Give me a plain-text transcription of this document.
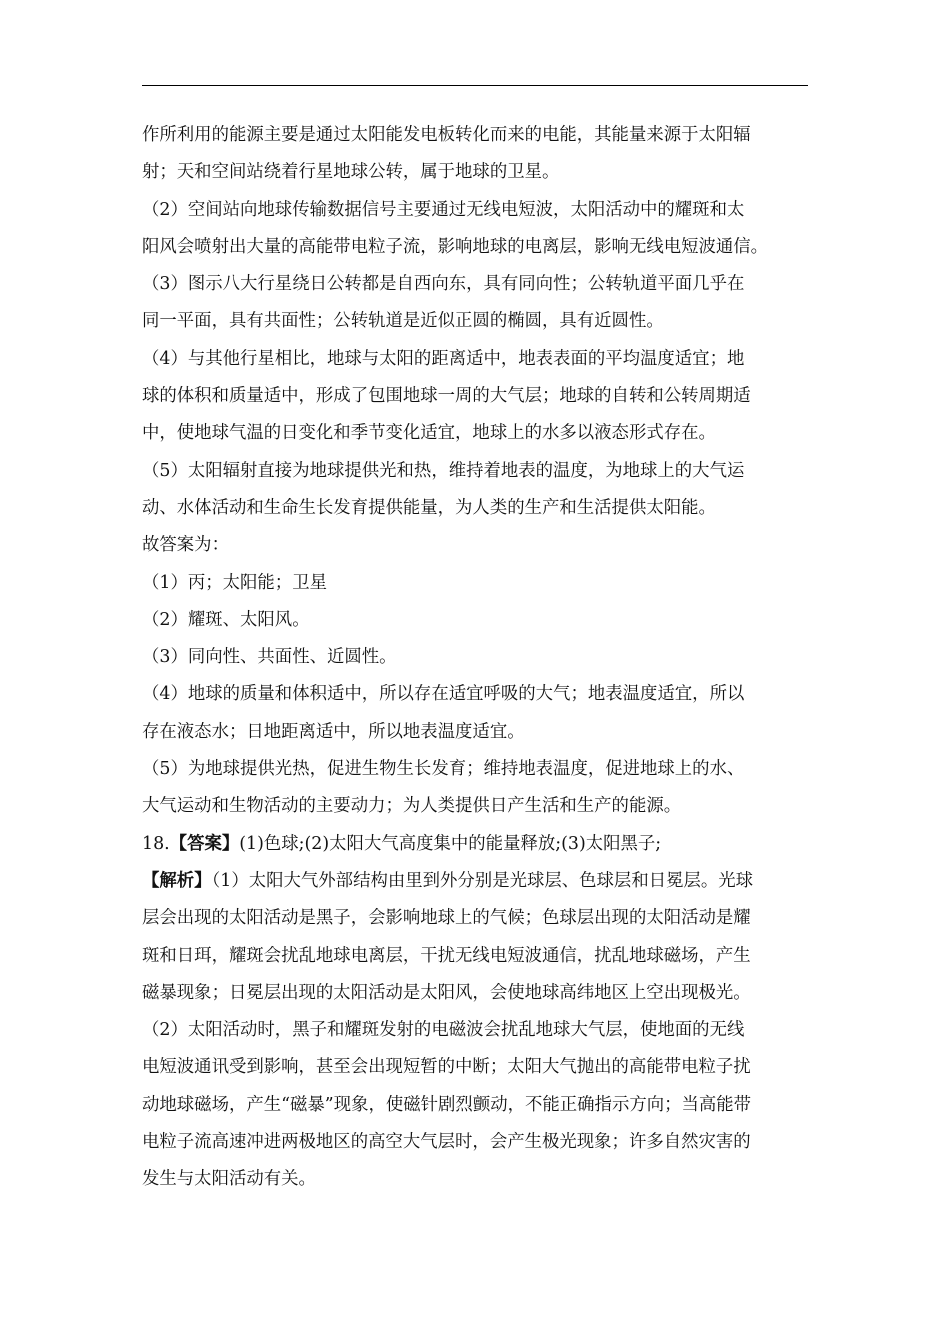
作所利用的能源主要是通过太阳能发电板转化而来的电能，其能量来源于太阳辐
射；天和空间站绕着行星地球公转，属于地球的卫星。
（2）空间站向地球传输数据信号主要通过无线电短波，太阳活动中的耀斑和太
阳风会喷射出大量的高能带电粒子流，影响地球的电离层，影响无线电短波通信。
（3）图示八大行星绕日公转都是自西向东，具有同向性；公转轨道平面几乎在
同一平面，具有共面性；公转轨道是近似正圆的椭圆，具有近圆性。
（4）与其他行星相比，地球与太阳的距离适中，地表表面的平均温度适宜；地
球的体积和质量适中，形成了包围地球一周的大气层；地球的自转和公转周期适
中，使地球气温的日变化和季节变化适宜，地球上的水多以液态形式存在。
（5）太阳辐射直接为地球提供光和热，维持着地表的温度，为地球上的大气运
动、水体活动和生命生长发育提供能量，为人类的生产和生活提供太阳能。
故答案为：
（1）丙；太阳能；卫星
（2）耀斑、太阳风。
（3）同向性、共面性、近圆性。
（4）地球的质量和体积适中，所以存在适宜呼吸的大气；地表温度适宜，所以
存在液态水；日地距离适中，所以地表温度适宜。
（5）为地球提供光热，促进生物生长发育；维持地表温度，促进地球上的水、
大气运动和生物活动的主要动力；为人类提供日产生活和生产的能源。
18.【答案】(1)色球;(2)太阳大气高度集中的能量释放;(3)太阳黑子;
【解析】（1）太阳大气外部结构由里到外分别是光球层、色球层和日冕层。光球
层会出现的太阳活动是黑子，会影响地球上的气候；色球层出现的太阳活动是耀
斑和日珥，耀斑会扰乱地球电离层，干扰无线电短波通信，扰乱地球磁场，产生
磁暴现象；日冕层出现的太阳活动是太阳风，会使地球高纬地区上空出现极光。
（2）太阳活动时，黑子和耀斑发射的电磁波会扰乱地球大气层，使地面的无线
电短波通讯受到影响，甚至会出现短暂的中断；太阳大气抛出的高能带电粒子扰
动地球磁场，产生“磁暴”现象，使磁针剧烈颤动，不能正确指示方向；当高能带
电粒子流高速冲进两极地区的高空大气层时，会产生极光现象；许多自然灾害的
发生与太阳活动有关。
